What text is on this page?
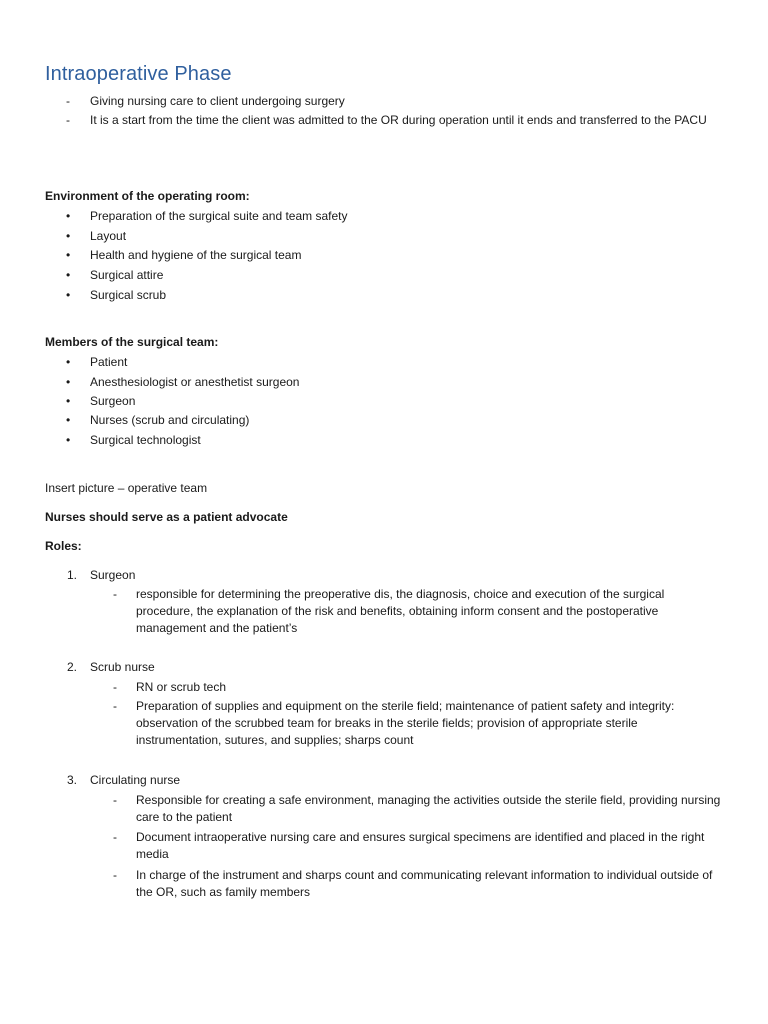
Intraoperative Phase
- Giving nursing care to client undergoing surgery
- It is a start from the time the client was admitted to the OR during operation until it ends and transferred to the PACU
Environment of the operating room:
• Preparation of the surgical suite and team safety
• Layout
• Health and hygiene of the surgical team
• Surgical attire
• Surgical scrub
Members of the surgical team:
• Patient
• Anesthesiologist or anesthetist surgeon
• Surgeon
• Nurses (scrub and circulating)
• Surgical technologist
Insert picture – operative team
Nurses should serve as a patient advocate
Roles:
1. Surgeon
- responsible for determining the preoperative dis, the diagnosis, choice and execution of the surgical procedure, the explanation of the risk and benefits, obtaining inform consent and the postoperative management and the patient’s
2. Scrub nurse
- RN or scrub tech
- Preparation of supplies and equipment on the sterile field; maintenance of patient safety and integrity: observation of the scrubbed team for breaks in the sterile fields; provision of appropriate sterile instrumentation, sutures, and supplies; sharps count
3. Circulating nurse
- Responsible for creating a safe environment, managing the activities outside the sterile field, providing nursing care to the patient
- Document intraoperative nursing care and ensures surgical specimens are identified and placed in the right media
- In charge of the instrument and sharps count and communicating relevant information to individual outside of the OR, such as family members
